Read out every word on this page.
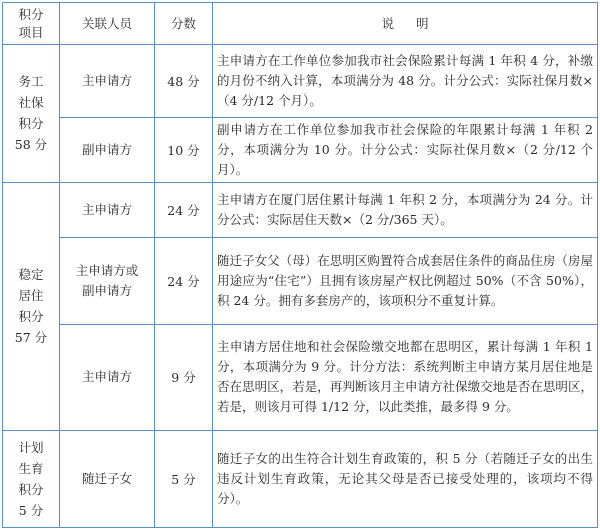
积分
项目	关联人员	分数	说明

务工
社保
积分
58 分	主申请方	48 分	主申请方在工作单位参加我市社会保险累计每满 1 年积 4 分，补缴的月份不纳入计算，本项满分为 48 分。计分公式：实际社保月数×（4 分/12 个月）。
	副申请方	10 分	副申请方在工作单位参加我市社会保险的年限累计每满 1 年积 2 分，本项满分为 10 分。计分公式：实际社保月数×（2 分/12 个月）。

稳定
居住
积分
57 分	主申请方	24 分	主申请方在厦门居住累计每满 1 年积 2 分，本项满分为 24 分。计分公式：实际居住天数×（2 分/365 天）。

	主申请方或
副申请方	24 分	随迁子女父（母）在思明区购置符合成套居住条件的商品住房（房屋用途应为“住宅”）且拥有该房屋产权比例超过 50%（不含 50%），积 24 分。拥有多套房产的，该项积分不重复计算。
	主申请方	9 分	主申请方居住地和社会保险缴交地都在思明区，累计每满 1 年积 1 分，本项满分为 9 分。计分方法：系统判断主申请方某月居住地是否在思明区，若是，再判断该月主申请方社保缴交地是否在思明区，若是，则该月可得 1/12 分，以此类推，最多得 9 分。

计划
生育
积分
5 分	随迁子女	5 分	随迁子女的出生符合计划生育政策的，积 5 分（若随迁子女的出生违反计划生育政策，无论其父母是否已接受处理的，该项均不得分）。
